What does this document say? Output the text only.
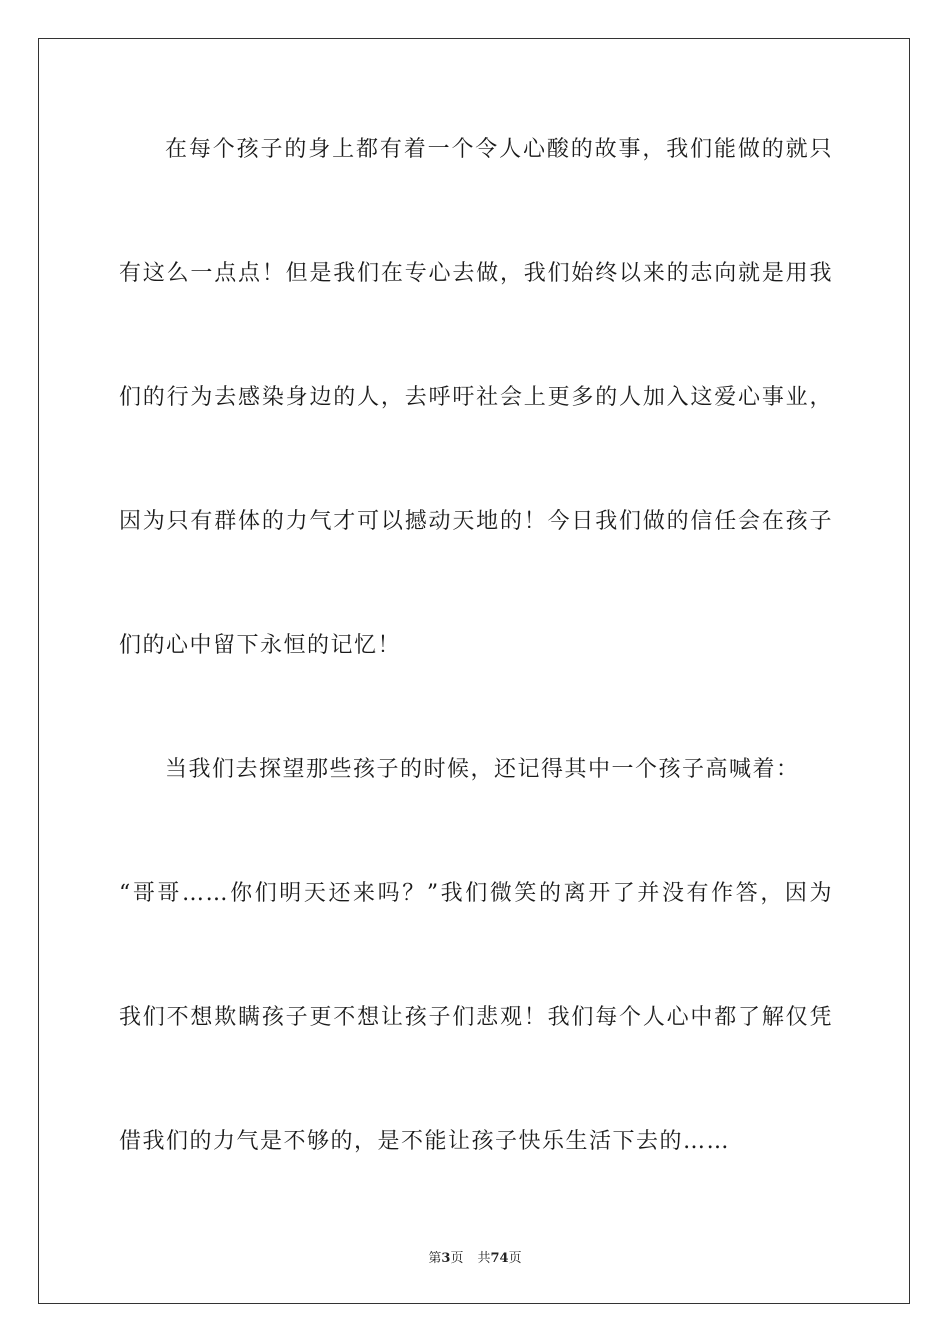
在每个孩子的身上都有着一个令人心酸的故事，我们能做的就只
有这么一点点！但是我们在专心去做，我们始终以来的志向就是用我
们的行为去感染身边的人，去呼吁社会上更多的人加入这爱心事业，
因为只有群体的力气才可以撼动天地的！今日我们做的信任会在孩子
们的心中留下永恒的记忆！
当我们去探望那些孩子的时候，还记得其中一个孩子高喊着：
“哥哥……你们明天还来吗？”我们微笑的离开了并没有作答，因为
我们不想欺瞒孩子更不想让孩子们悲观！我们每个人心中都了解仅凭
借我们的力气是不够的，是不能让孩子快乐生活下去的……
第3页 共74页
